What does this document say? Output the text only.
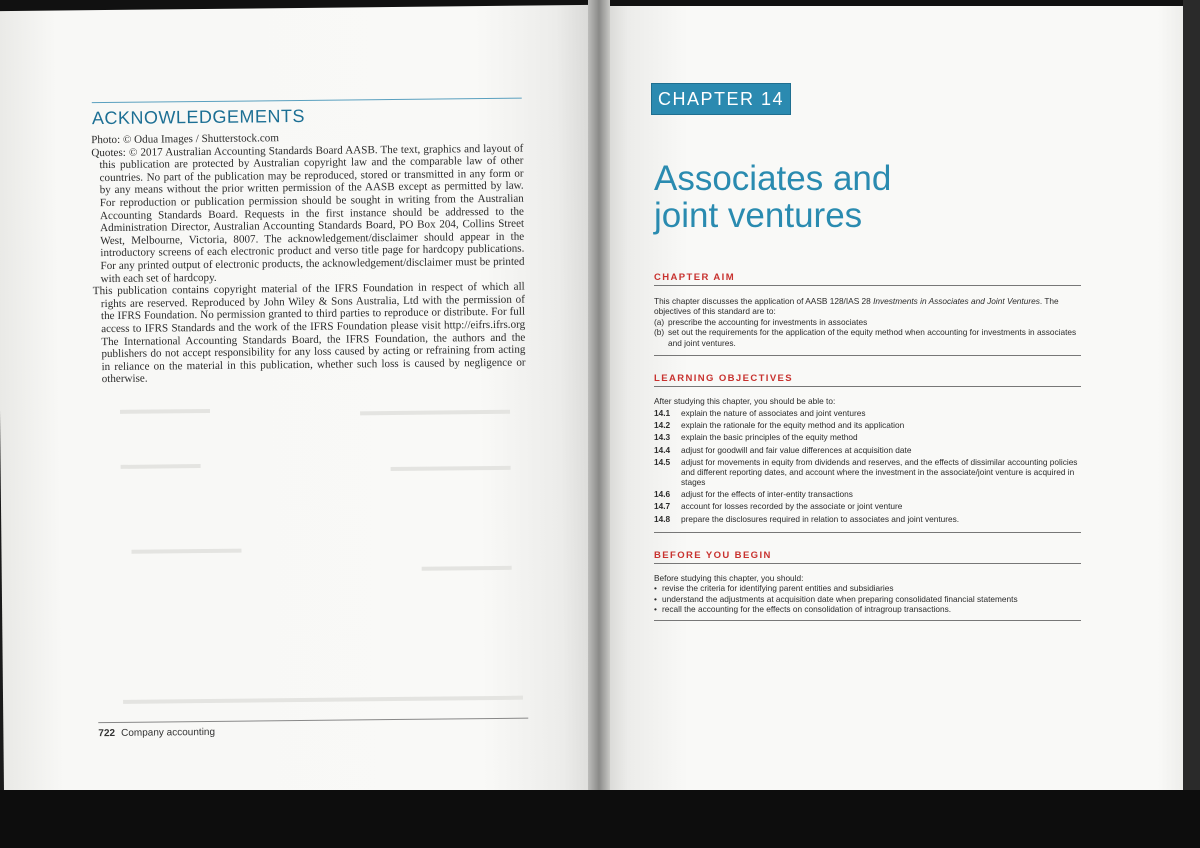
ACKNOWLEDGEMENTS

Photo: © Odua Images / Shutterstock.com

Quotes: © 2017 Australian Accounting Standards Board AASB. The text, graphics and layout of this publication are protected by Australian copyright law and the comparable law of other countries. No part of the publication may be reproduced, stored or transmitted in any form or by any means without the prior written permission of the AASB except as permitted by law. For reproduction or publication permission should be sought in writing from the Australian Accounting Standards Board. Requests in the first instance should be addressed to the Administration Director, Australian Accounting Standards Board, PO Box 204, Collins Street West, Melbourne, Victoria, 8007. The acknowledgement/disclaimer should appear in the introductory screens of each electronic product and verso title page for hardcopy publications. For any printed output of electronic products, the acknowledgement/disclaimer must be printed with each set of hardcopy.

This publication contains copyright material of the IFRS Foundation in respect of which all rights are reserved. Reproduced by John Wiley & Sons Australia, Ltd with the permission of the IFRS Foundation. No permission granted to third parties to reproduce or distribute. For full access to IFRS Standards and the work of the IFRS Foundation please visit http://eifrs.ifrs.org The International Accounting Standards Board, the IFRS Foundation, the authors and the publishers do not accept responsibility for any loss caused by acting or refraining from acting in reliance on the material in this publication, whether such loss is caused by negligence or otherwise.

722 Company accounting
CHAPTER 14
Associates and
joint ventures
CHAPTER AIM
This chapter discusses the application of AASB 128/IAS 28 Investments in Associates and Joint Ventures. The objectives of this standard are to:
(a) prescribe the accounting for investments in associates
(b) set out the requirements for the application of the equity method when accounting for investments in associates and joint ventures.
LEARNING OBJECTIVES
After studying this chapter, you should be able to:
14.1	explain the nature of associates and joint ventures
14.2	explain the rationale for the equity method and its application
14.3	explain the basic principles of the equity method
14.4	adjust for goodwill and fair value differences at acquisition date
14.5	adjust for movements in equity from dividends and reserves, and the effects of dissimilar accounting policies and different reporting dates, and account where the investment in the associate/joint venture is acquired in stages
14.6	adjust for the effects of inter-entity transactions
14.7	account for losses recorded by the associate or joint venture
14.8	prepare the disclosures required in relation to associates and joint ventures.
BEFORE YOU BEGIN
Before studying this chapter, you should:
• revise the criteria for identifying parent entities and subsidiaries
• understand the adjustments at acquisition date when preparing consolidated financial statements
• recall the accounting for the effects on consolidation of intragroup transactions.
